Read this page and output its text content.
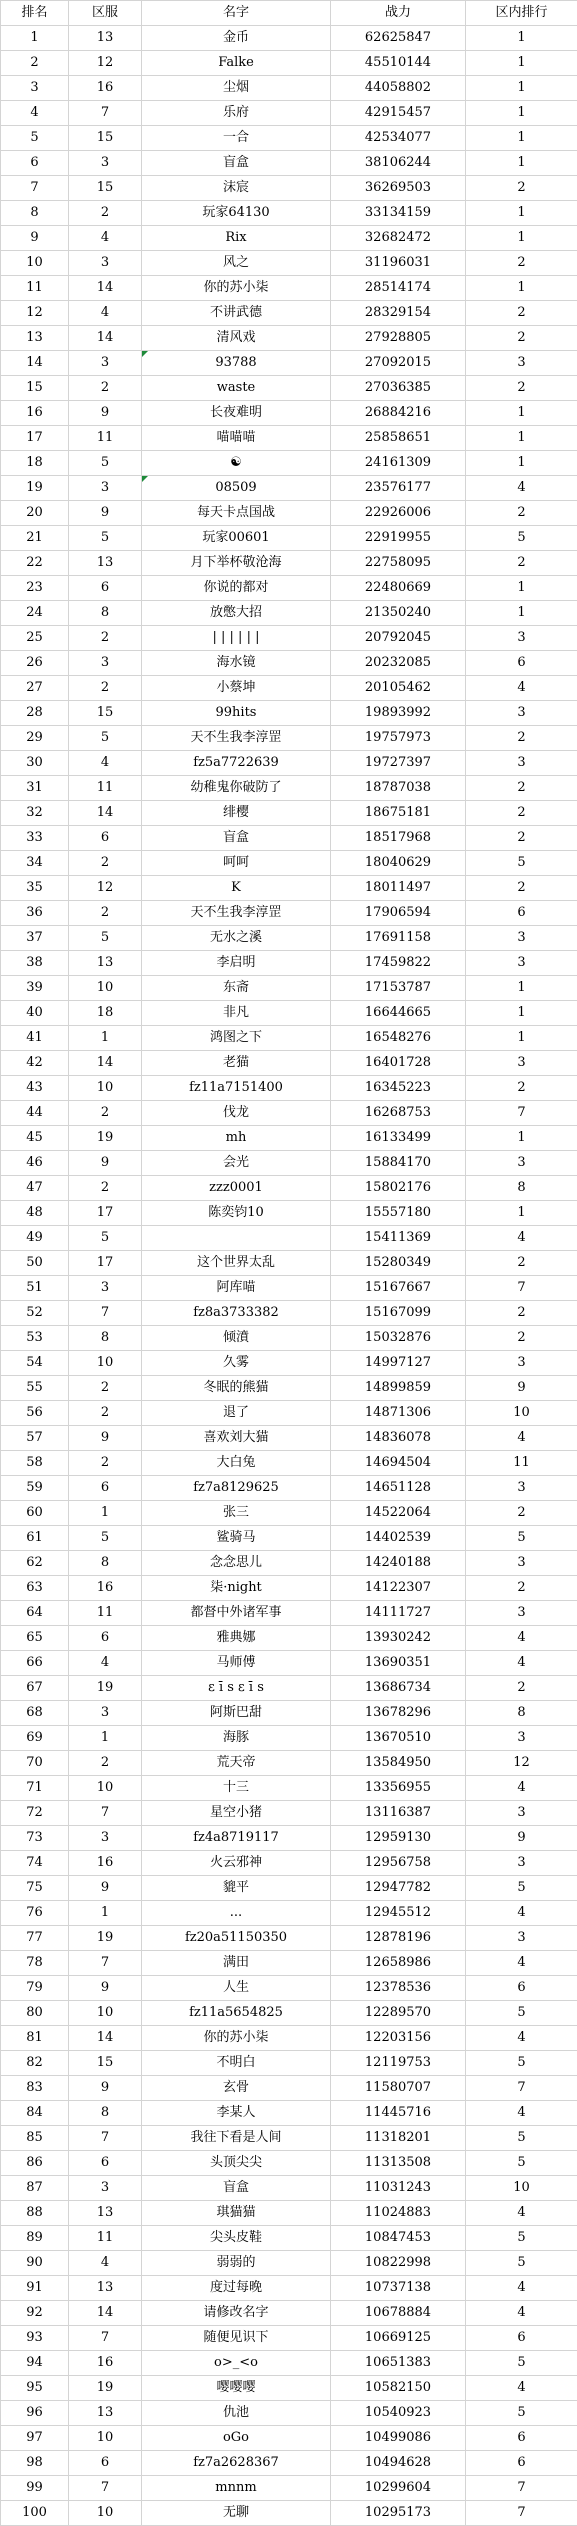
排名	区服	名字	战力	区内排行
1	13	金币	62625847	1
2	12	Falke	45510144	1
3	16	尘烟	44058802	1
4	7	乐府	42915457	1
5	15	一合	42534077	1
6	3	盲盒	38106244	1
7	15	沫宸	36269503	2
8	2	玩家64130	33134159	1
9	4	Rix	32682472	1
10	3	风之	31196031	2
11	14	你的苏小柒	28514174	1
12	4	不讲武德	28329154	2
13	14	清风戏	27928805	2
14	3	93788	27092015	3
15	2	waste	27036385	2
16	9	长夜难明	26884216	1
17	11	喵喵喵	25858651	1
18	5	☯	24161309	1
19	3	08509	23576177	4
20	9	每天卡点国战	22926006	2
21	5	玩家00601	22919955	5
22	13	月下举杯敬沧海	22758095	2
23	6	你说的都对	22480669	1
24	8	放憋大招	21350240	1
25	2	| | | | | |	20792045	3
26	3	海水镜	20232085	6
27	2	小蔡坤	20105462	4
28	15	99hits	19893992	3
29	5	天不生我李淳罡	19757973	2
30	4	fz5a7722639	19727397	3
31	11	幼稚鬼你破防了	18787038	2
32	14	绯樱	18675181	2
33	6	盲盒	18517968	2
34	2	呵呵	18040629	5
35	12	K	18011497	2
36	2	天不生我李淳罡	17906594	6
37	5	无水之溪	17691158	3
38	13	李启明	17459822	3
39	10	东斋	17153787	1
40	18	非凡	16644665	1
41	1	鸿图之下	16548276	1
42	14	老猫	16401728	3
43	10	fz11a7151400	16345223	2
44	2	伐龙	16268753	7
45	19	mh	16133499	1
46	9	会光	15884170	3
47	2	zzz0001	15802176	8
48	17	陈奕钧10	15557180	1
49	5		15411369	4
50	17	这个世界太乱	15280349	2
51	3	阿库喵	15167667	7
52	7	fz8a3733382	15167099	2
53	8	倾濆	15032876	2
54	10	久雾	14997127	3
55	2	冬眠的熊猫	14899859	9
56	2	退了	14871306	10
57	9	喜欢刘大猫	14836078	4
58	2	大白兔	14694504	11
59	6	fz7a8129625	14651128	3
60	1	张三	14522064	2
61	5	鲨骑马	14402539	5
62	8	念念思儿	14240188	3
63	16	柒·night	14122307	2
64	11	都督中外诸军事	14111727	3
65	6	雅典娜	13930242	4
66	4	马师傅	13690351	4
67	19	ε ī s ε ī s	13686734	2
68	3	阿斯巴甜	13678296	8
69	1	海豚	13670510	3
70	2	荒天帝	13584950	12
71	10	十三	13356955	4
72	7	星空小猪	13116387	3
73	3	fz4a8719117	12959130	9
74	16	火云邪神	12956758	3
75	9	貔平	12947782	5
76	1	...	12945512	4
77	19	fz20a51150350	12878196	3
78	7	满田	12658986	4
79	9	人生	12378536	6
80	10	fz11a5654825	12289570	5
81	14	你的苏小柒	12203156	4
82	15	不明白	12119753	5
83	9	玄骨	11580707	7
84	8	李某人	11445716	4
85	7	我往下看是人间	11318201	5
86	6	头顶尖尖	11313508	5
87	3	盲盒	11031243	10
88	13	琪猫猫	11024883	4
89	11	尖头皮鞋	10847453	5
90	4	弱弱的	10822998	5
91	13	度过每晚	10737138	4
92	14	请修改名字	10678884	4
93	7	随便见识下	10669125	6
94	16	o>_<o	10651383	5
95	19	嘤嘤嘤	10582150	4
96	13	仇池	10540923	5
97	10	oGo	10499086	6
98	6	fz7a2628367	10494628	6
99	7	mnnm	10299604	7
100	10	无聊	10295173	7
